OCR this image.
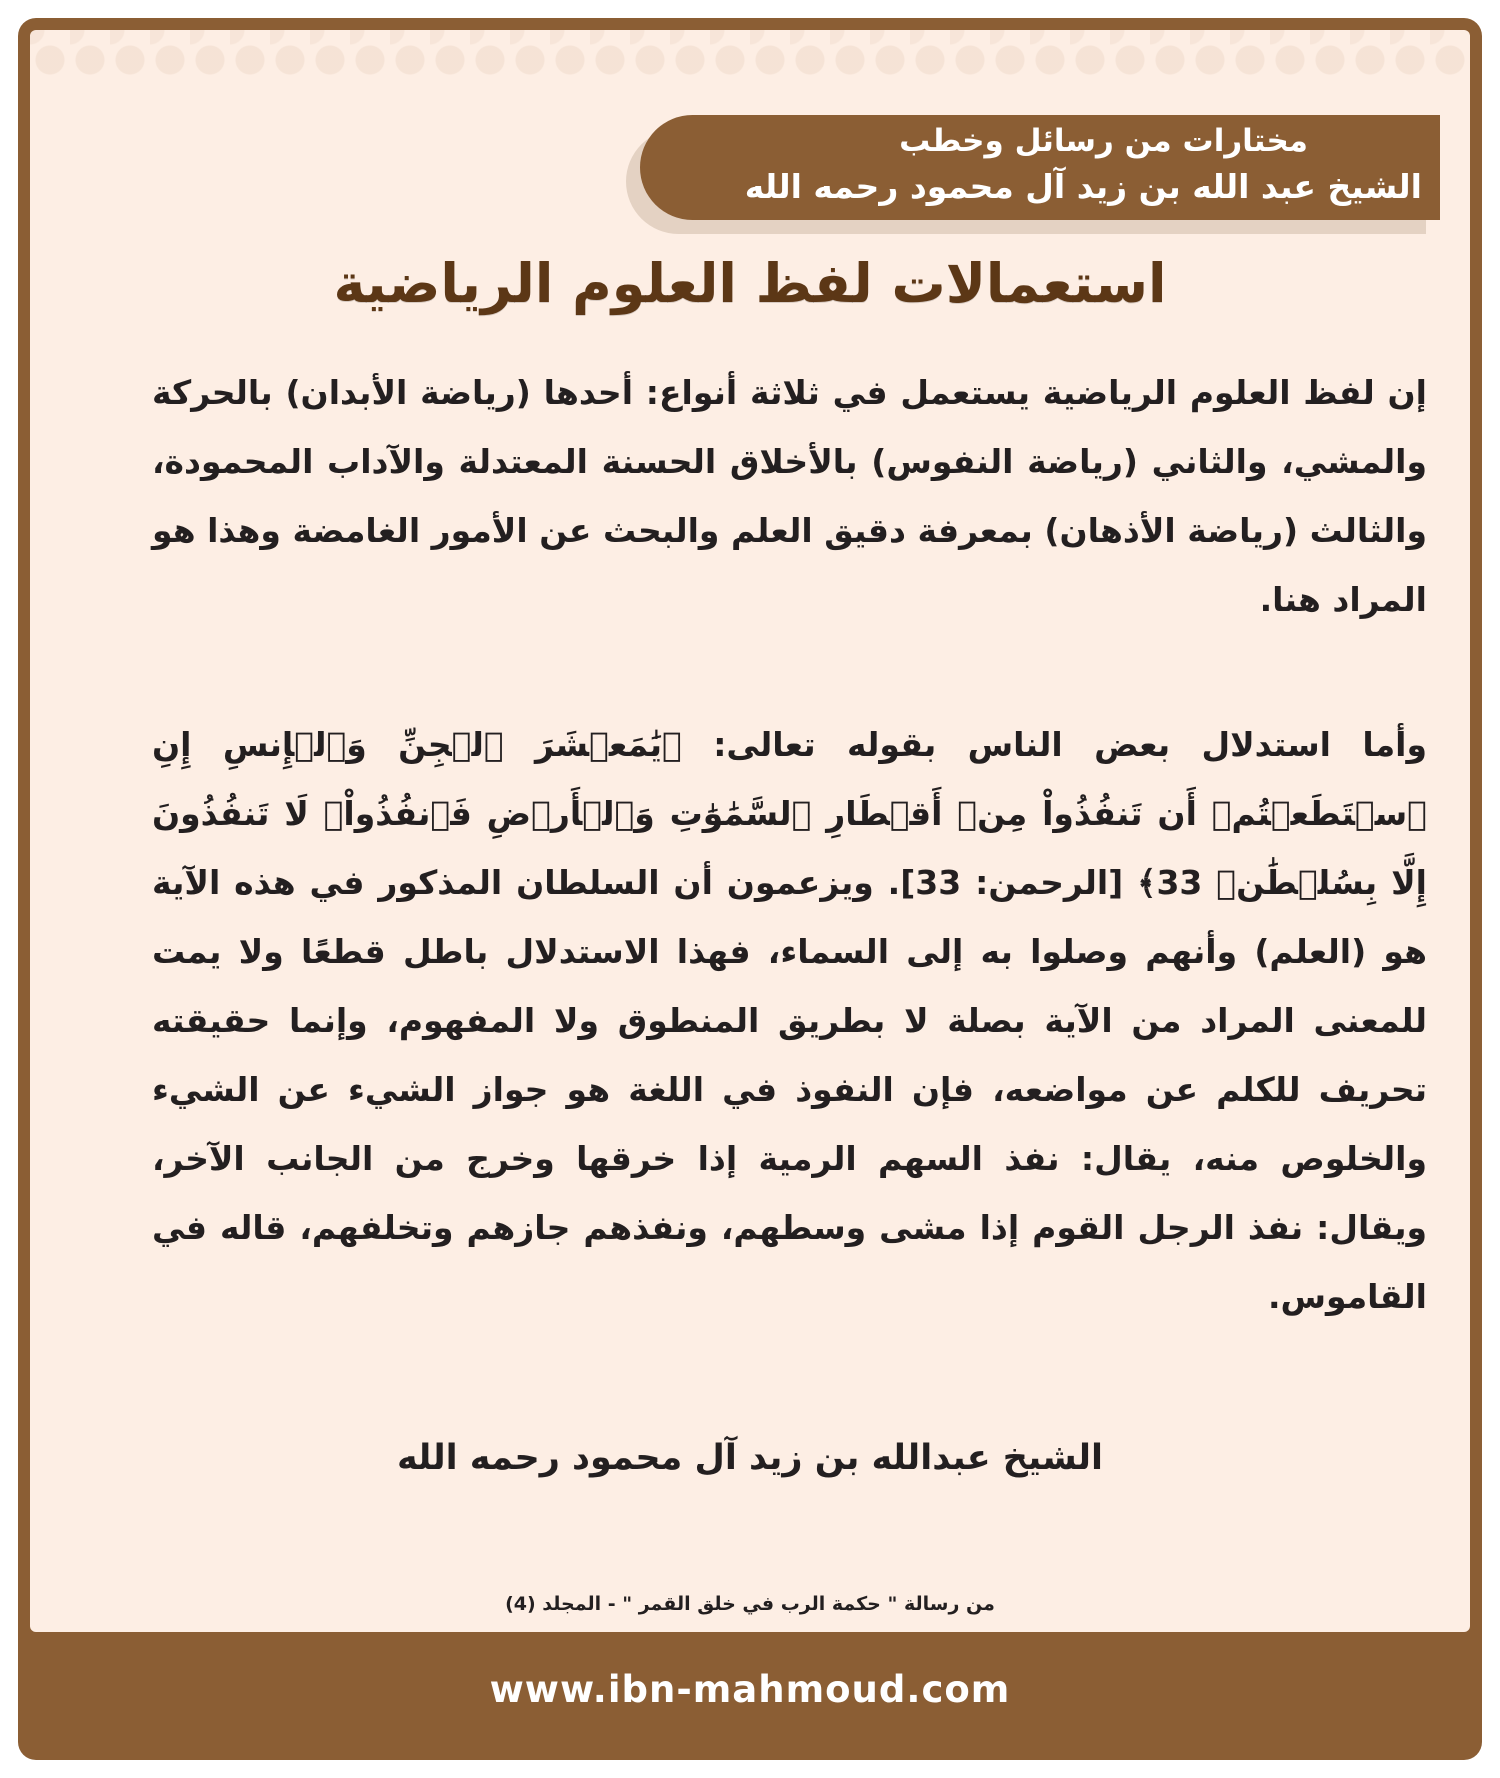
مختارات من رسائل وخطب
الشيخ عبد الله بن زيد آل محمود رحمه الله
استعمالات لفظ العلوم الرياضية

إن لفظ العلوم الرياضية يستعمل في ثلاثة أنواع: أحدها (رياضة الأبدان) بالحركة والمشي، والثاني (رياضة النفوس) بالأخلاق الحسنة المعتدلة والآداب المحمودة، والثالث (رياضة الأذهان) بمعرفة دقيق العلم والبحث عن الأمور الغامضة وهذا هو المراد هنا.

وأما استدلال بعض الناس بقوله تعالى: ﴿يَٰمَعۡشَرَ ٱلۡجِنِّ وَٱلۡإِنسِ إِنِ ٱسۡتَطَعۡتُمۡ أَن تَنفُذُواْ مِنۡ أَقۡطَارِ ٱلسَّمَٰوَٰتِ وَٱلۡأَرۡضِ فَٱنفُذُواْۚ لَا تَنفُذُونَ إِلَّا بِسُلۡطَٰنٖ 33﴾ [الرحمن: 33]. ويزعمون أن السلطان المذكور في هذه الآية هو (العلم) وأنهم وصلوا به إلى السماء، فهذا الاستدلال باطل قطعًا ولا يمت للمعنى المراد من الآية بصلة لا بطريق المنطوق ولا المفهوم، وإنما حقيقته تحريف للكلم عن مواضعه، فإن النفوذ في اللغة هو جواز الشيء عن الشيء والخلوص منه، يقال: نفذ السهم الرمية إذا خرقها وخرج من الجانب الآخر، ويقال: نفذ الرجل القوم إذا مشى وسطهم، ونفذهم جازهم وتخلفهم، قاله في القاموس.

الشيخ عبدالله بن زيد آل محمود رحمه الله
من رسالة " حكمة الرب في خلق القمر " - المجلد (4)
www.ibn-mahmoud.com
